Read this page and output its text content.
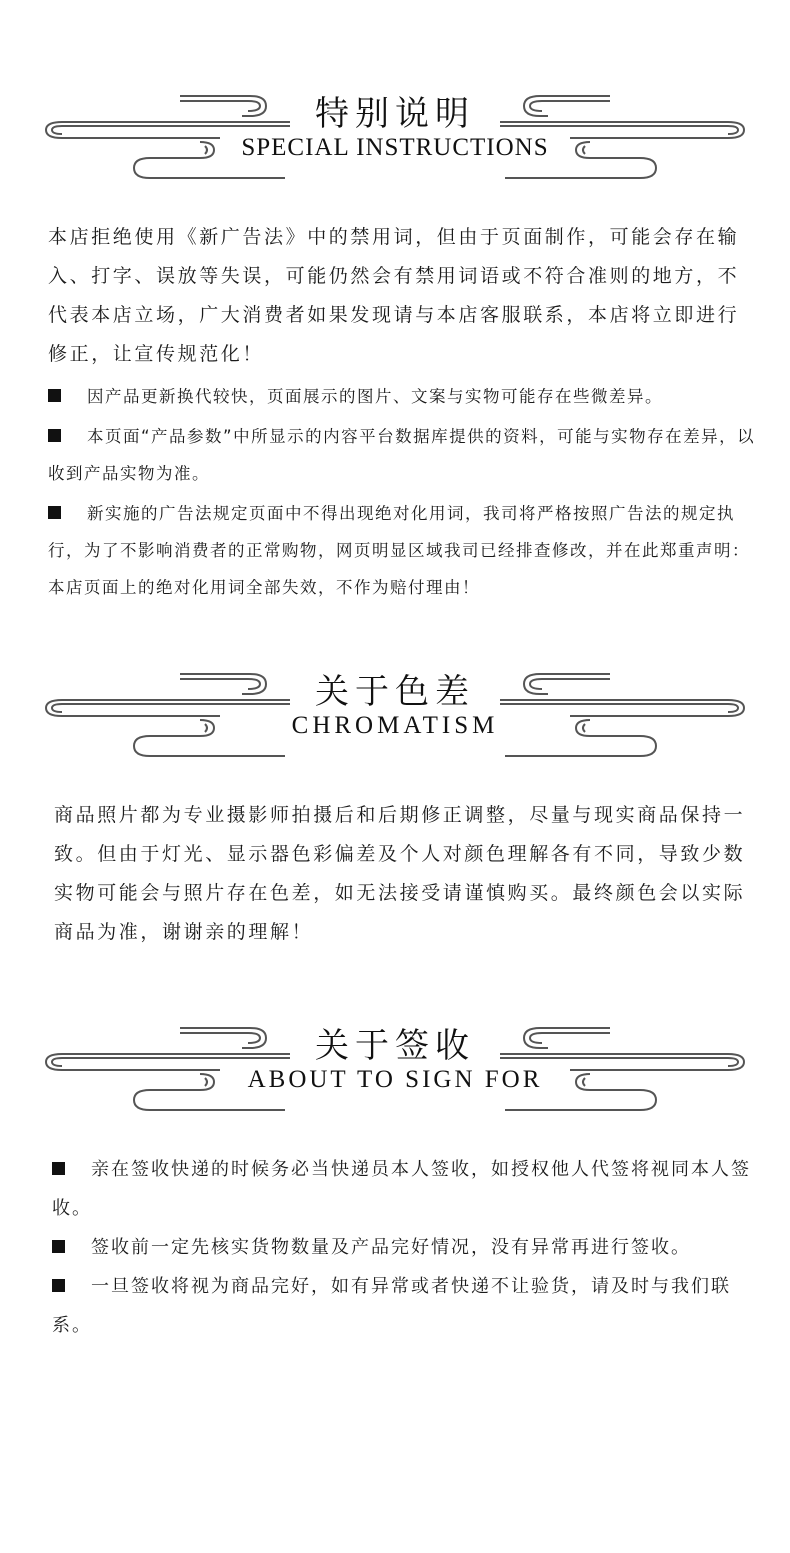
特别说明
SPECIAL INSTRUCTIONS
本店拒绝使用《新广告法》中的禁用词，但由于页面制作，可能会存在输入、打字、误放等失误，可能仍然会有禁用词语或不符合准则的地方，不代表本店立场，广大消费者如果发现请与本店客服联系，本店将立即进行修正，让宣传规范化！
因产品更新换代较快，页面展示的图片、文案与实物可能存在些微差异。
本页面“产品参数”中所显示的内容平台数据库提供的资料，可能与实物存在差异，以收到产品实物为准。
新实施的广告法规定页面中不得出现绝对化用词，我司将严格按照广告法的规定执行，为了不影响消费者的正常购物，网页明显区域我司已经排查修改，并在此郑重声明：本店页面上的绝对化用词全部失效，不作为赔付理由！
关于色差
CHROMATISM
商品照片都为专业摄影师拍摄后和后期修正调整，尽量与现实商品保持一致。但由于灯光、显示器色彩偏差及个人对颜色理解各有不同，导致少数实物可能会与照片存在色差，如无法接受请谨慎购买。最终颜色会以实际商品为准，谢谢亲的理解！
关于签收
ABOUT TO SIGN FOR
亲在签收快递的时候务必当快递员本人签收，如授权他人代签将视同本人签收。
签收前一定先核实货物数量及产品完好情况，没有异常再进行签收。
一旦签收将视为商品完好，如有异常或者快递不让验货，请及时与我们联系。
